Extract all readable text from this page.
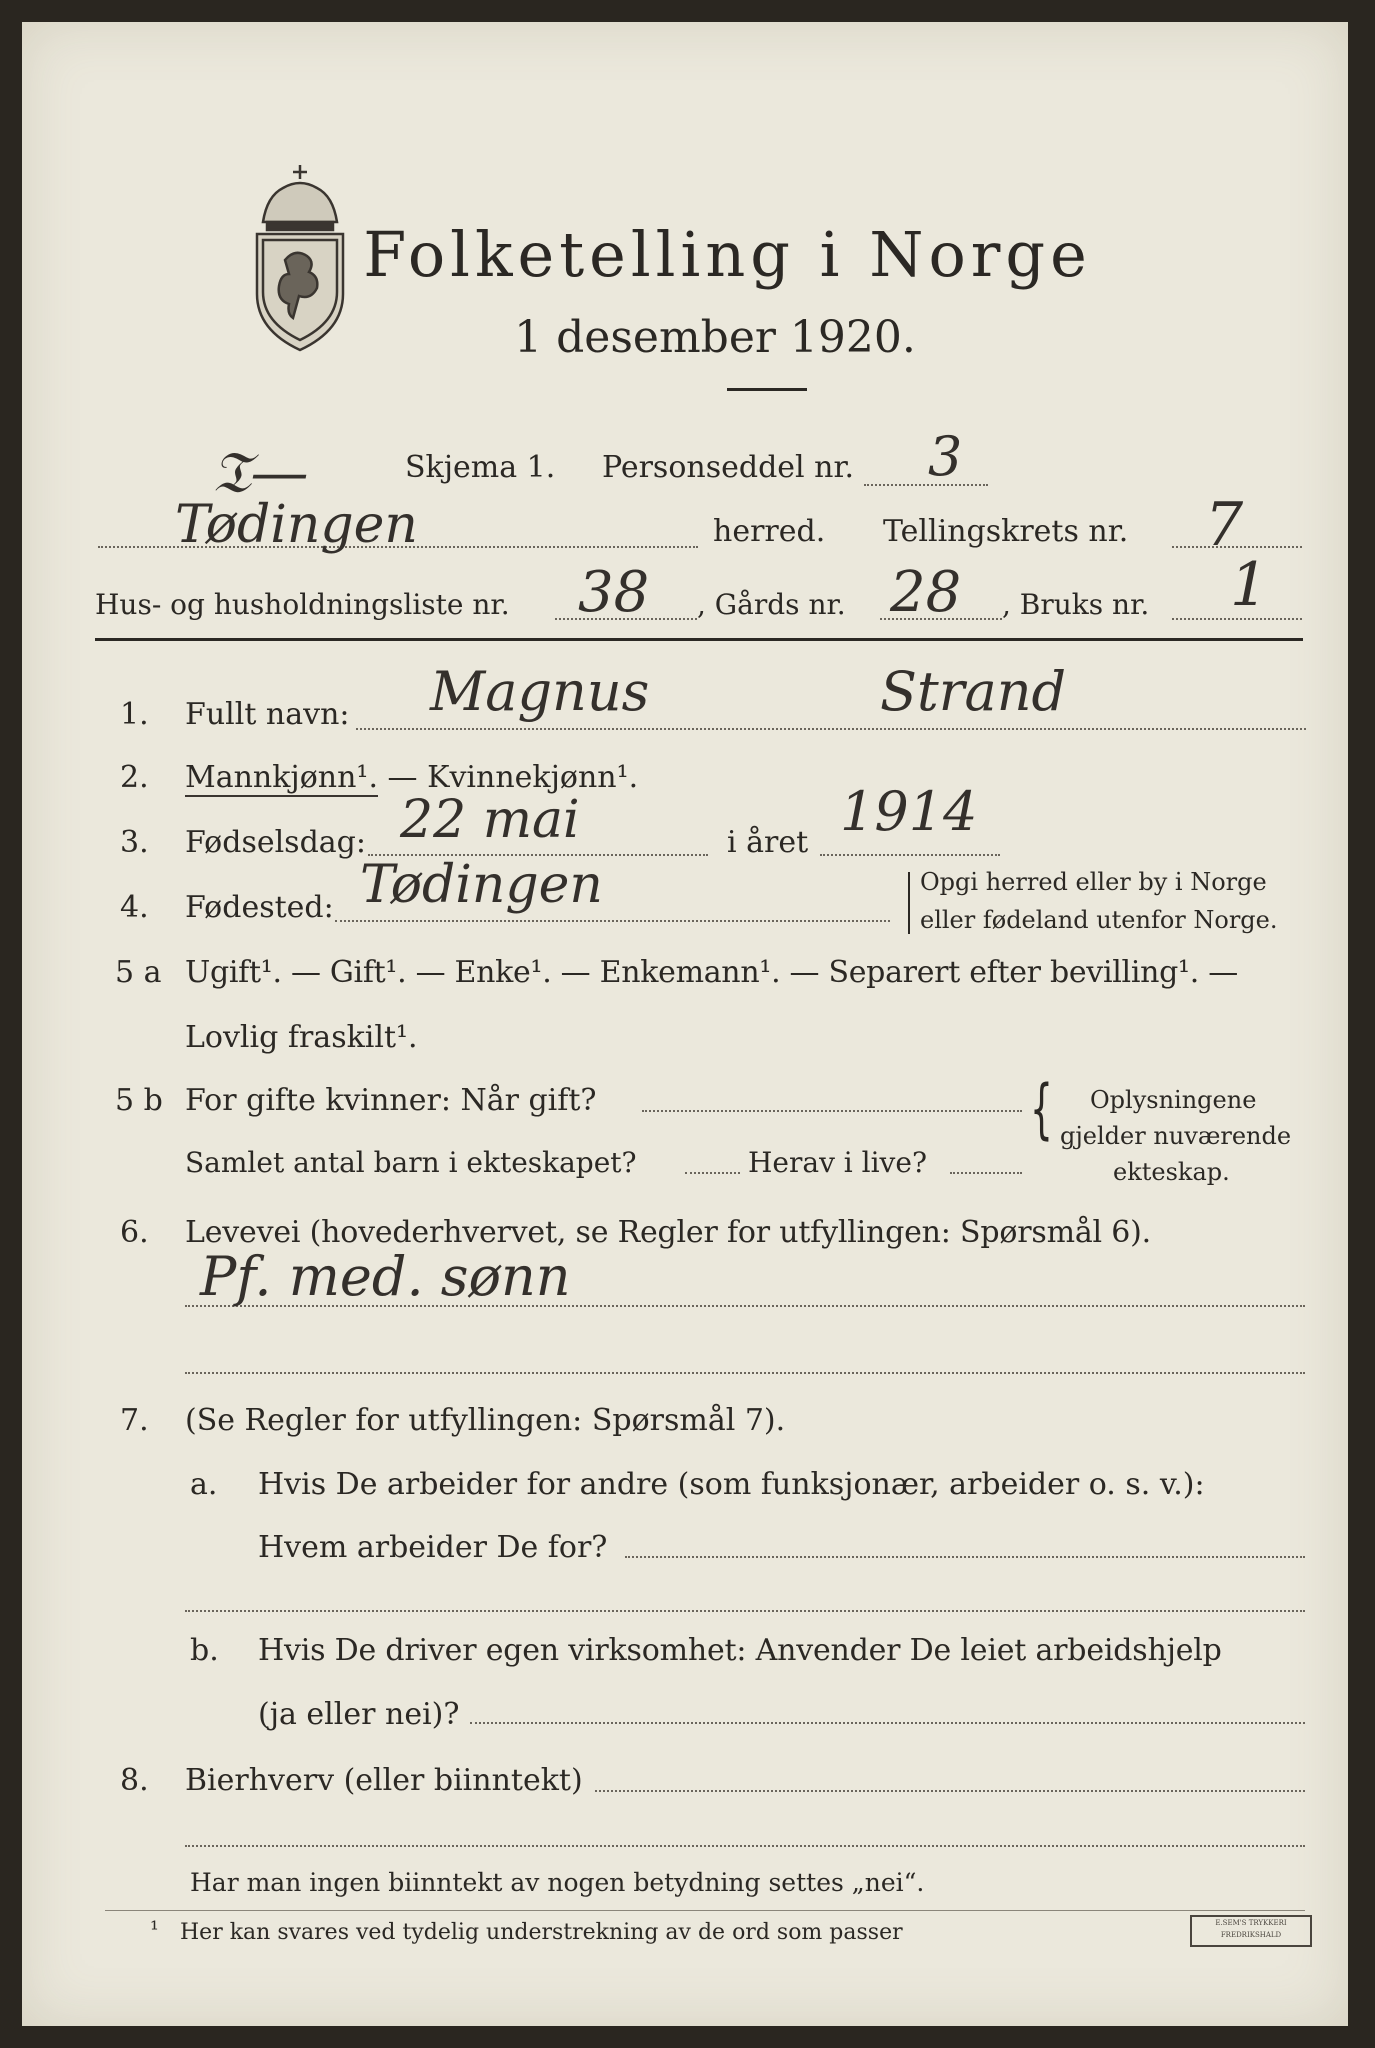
Folketelling i Norge
1 desember 1920.
𝔗—	Skjema 1. Personseddel nr. 3
Tødingen	herred. Tellingskrets nr. 7
Hus- og husholdningsliste nr. 38 , Gårds nr. 28 , Bruks nr. 1
1. Fullt navn: Magnus	Strand
2. Mannkjønn¹. — Kvinnekjønn¹.
3. Fødselsdag: 22 mai	i året 1914
4. Fødested: Tødingen	Opgi herred eller by i Norge
eller fødeland utenfor Norge.
5 a Ugift¹. — Gift¹. — Enke¹. — Enkemann¹. — Separert efter bevilling¹. —
Lovlig fraskilt¹.
5 b For gifte kvinner: Når gift?
Samlet antal barn i ekteskapet?	Herav i live?
{ Oplysningene
gjelder nuværende
ekteskap.
6. Levevei (hovederhvervet, se Regler for utfyllingen: Spørsmål 6).
Pf. med. sønn
7. (Se Regler for utfyllingen: Spørsmål 7).
a. Hvis De arbeider for andre (som funksjonær, arbeider o. s. v.):
Hvem arbeider De for?
b. Hvis De driver egen virksomhet: Anvender De leiet arbeidshjelp
(ja eller nei)?
8. Bierhverv (eller biinntekt)
Har man ingen biinntekt av nogen betydning settes „nei“.
¹ Her kan svares ved tydelig understrekning av de ord som passer	E.SEM'S TRYKKERI
FREDRIKSHALD
